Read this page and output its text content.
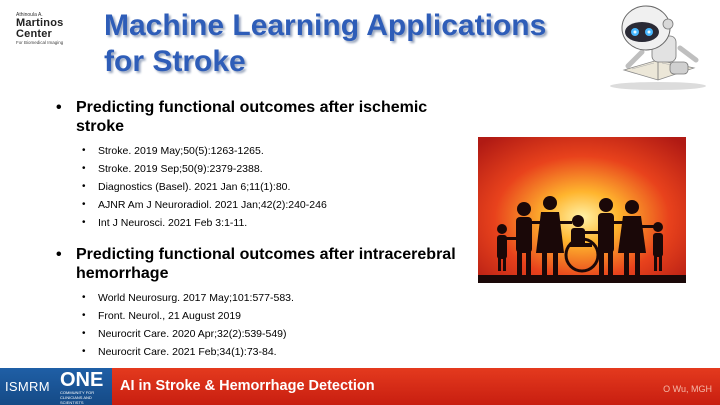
Athinoula A.
Martinos
Center
For Biomedical Imaging
Machine Learning Applications for Stroke
• Predicting functional outcomes after ischemic stroke
• Stroke. 2019 May;50(5):1263-1265.
• Stroke. 2019 Sep;50(9):2379-2388.
• Diagnostics (Basel). 2021 Jan 6;11(1):80.
• AJNR Am J Neuroradiol. 2021 Jan;42(2):240-246
• Int J Neurosci. 2021 Feb 3:1-11.
• Predicting functional outcomes after intracerebral hemorrhage
• World Neurosurg. 2017 May;101:577-583.
• Front. Neurol., 21 August 2019
• Neurocrit Care. 2020 Apr;32(2):539-549)
• Neurocrit Care. 2021 Feb;34(1):73-84.
ISMRM ONE
COMMUNITY FOR CLINICIANS AND SCIENTISTS
AI in Stroke & Hemorrhage Detection	O Wu, MGH
